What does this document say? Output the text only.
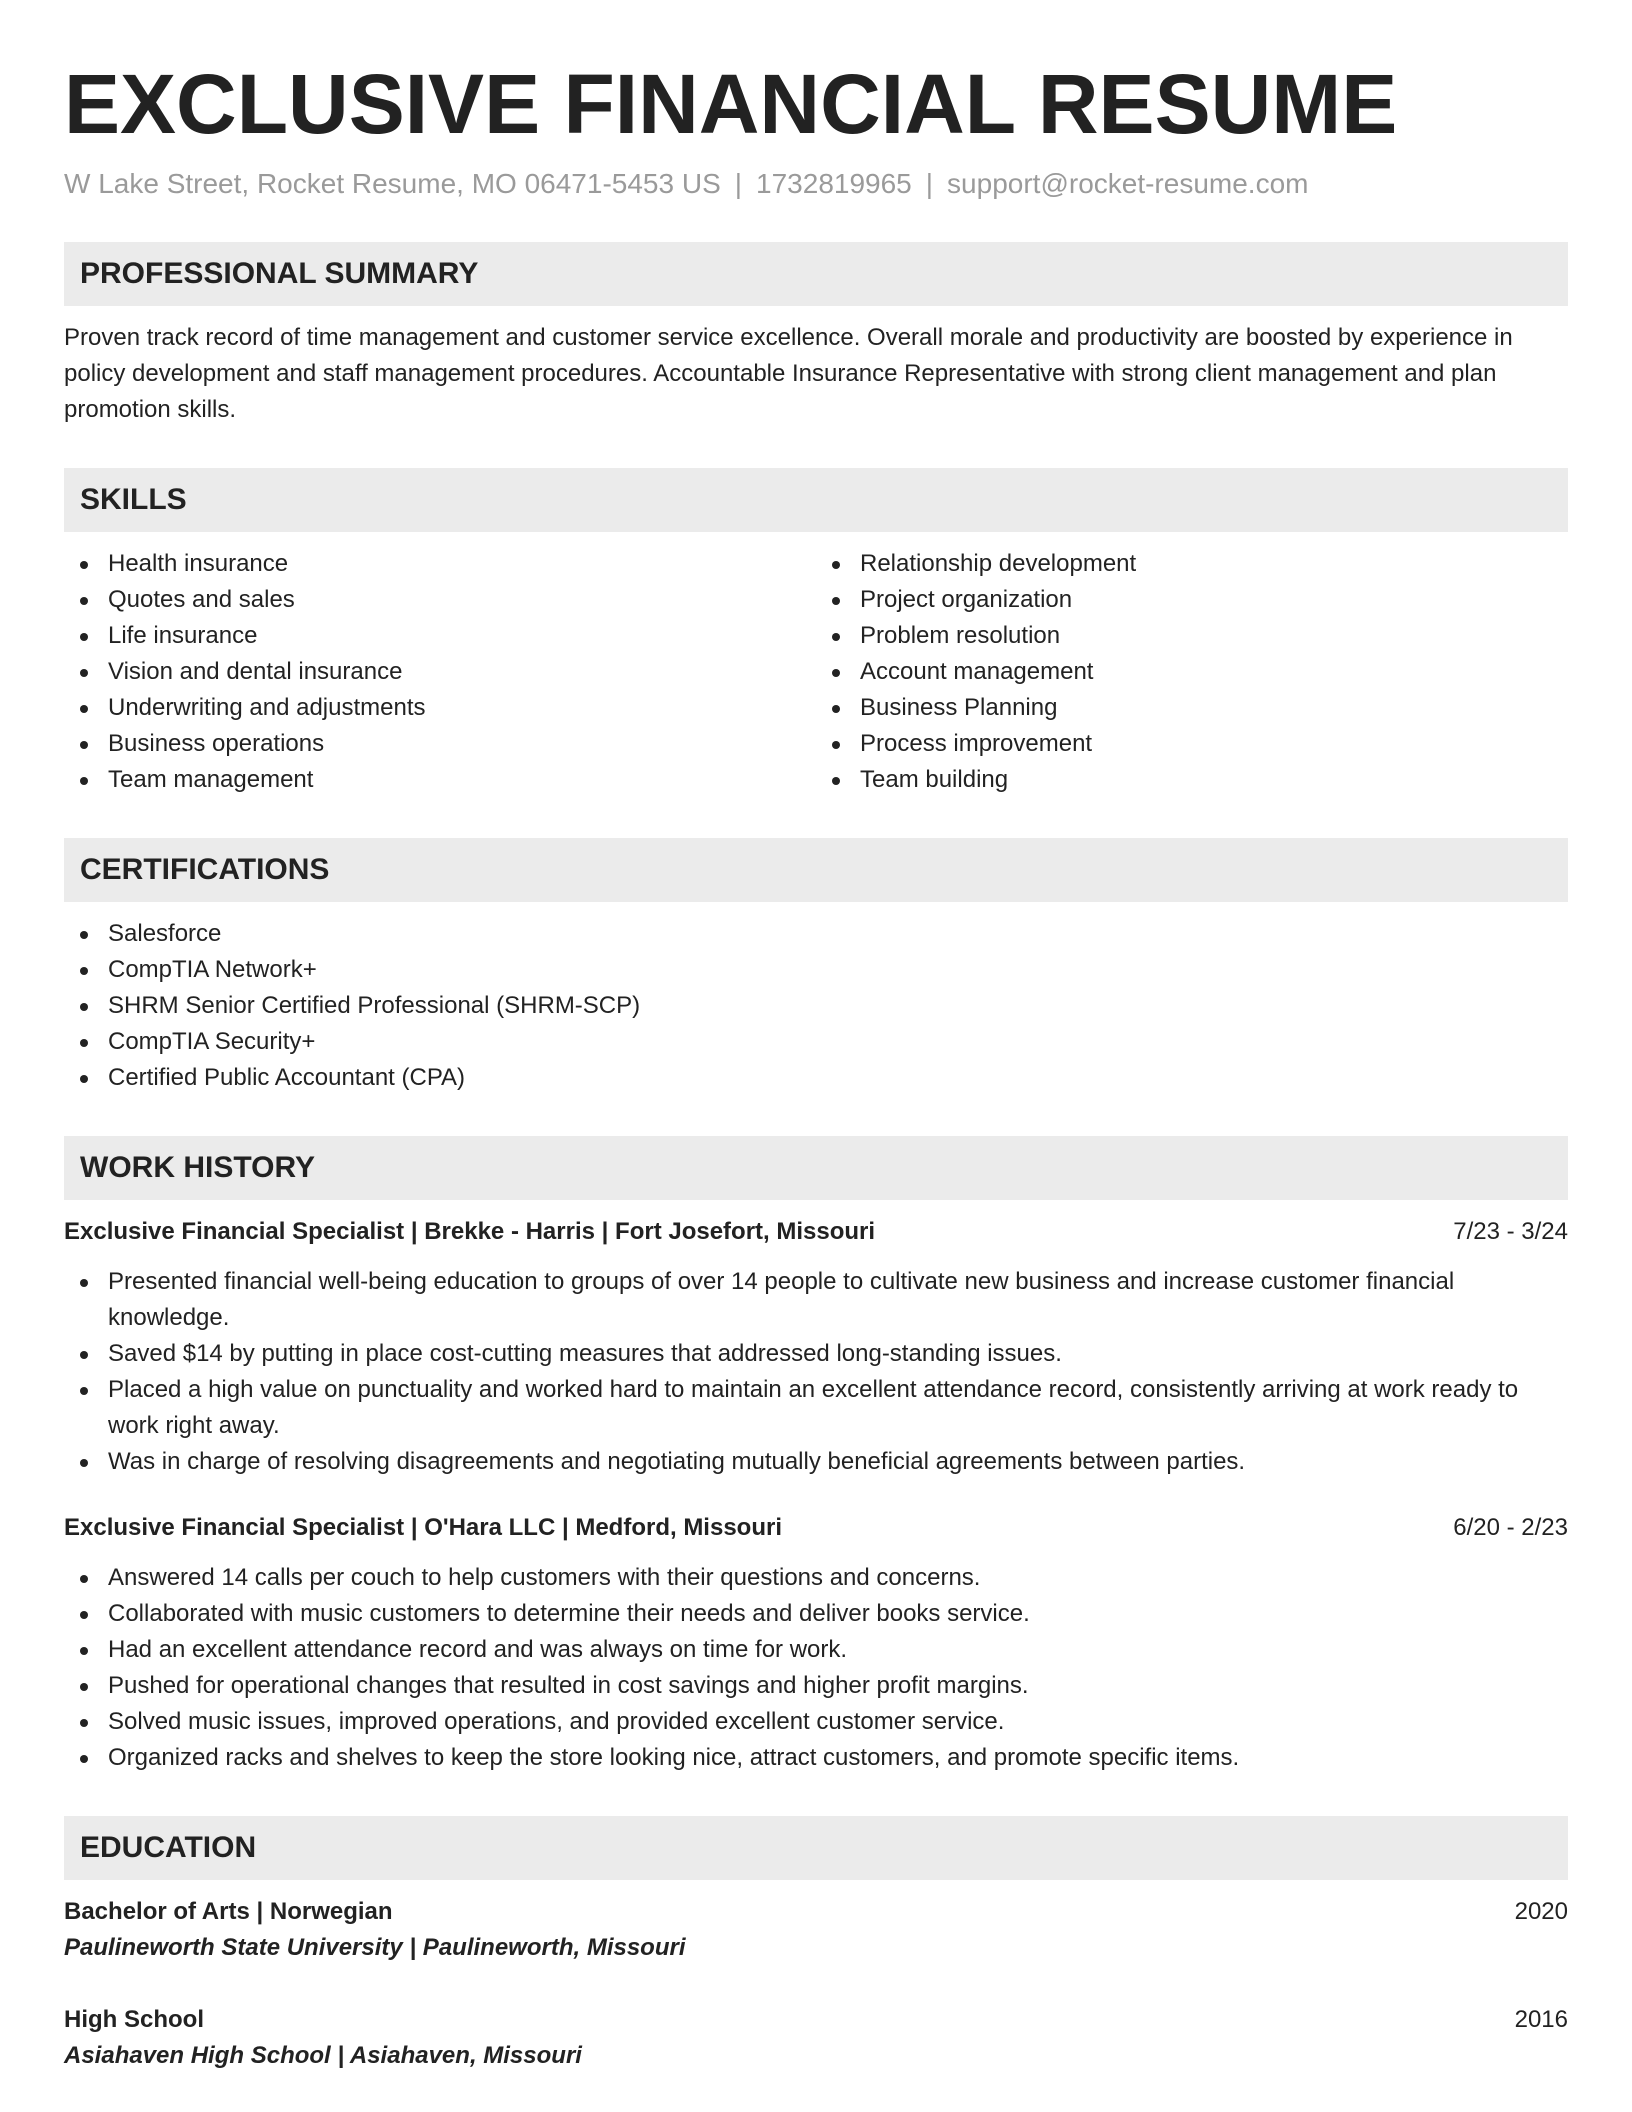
EXCLUSIVE FINANCIAL RESUME
W Lake Street, Rocket Resume, MO 06471-5453 US | 1732819965 | support@rocket-resume.com
PROFESSIONAL SUMMARY
Proven track record of time management and customer service excellence. Overall morale and productivity are boosted by experience in policy development and staff management procedures. Accountable Insurance Representative with strong client management and plan promotion skills.
SKILLS
Health insurance
Quotes and sales
Life insurance
Vision and dental insurance
Underwriting and adjustments
Business operations
Team management
Relationship development
Project organization
Problem resolution
Account management
Business Planning
Process improvement
Team building
CERTIFICATIONS
Salesforce
CompTIA Network+
SHRM Senior Certified Professional (SHRM-SCP)
CompTIA Security+
Certified Public Accountant (CPA)
WORK HISTORY
Exclusive Financial Specialist | Brekke - Harris | Fort Josefort, Missouri	7/23 - 3/24
Presented financial well-being education to groups of over 14 people to cultivate new business and increase customer financial knowledge.
Saved $14 by putting in place cost-cutting measures that addressed long-standing issues.
Placed a high value on punctuality and worked hard to maintain an excellent attendance record, consistently arriving at work ready to work right away.
Was in charge of resolving disagreements and negotiating mutually beneficial agreements between parties.
Exclusive Financial Specialist | O'Hara LLC | Medford, Missouri	6/20 - 2/23
Answered 14 calls per couch to help customers with their questions and concerns.
Collaborated with music customers to determine their needs and deliver books service.
Had an excellent attendance record and was always on time for work.
Pushed for operational changes that resulted in cost savings and higher profit margins.
Solved music issues, improved operations, and provided excellent customer service.
Organized racks and shelves to keep the store looking nice, attract customers, and promote specific items.
EDUCATION
Bachelor of Arts | Norwegian	2020
Paulineworth State University | Paulineworth, Missouri
High School	2016
Asiahaven High School | Asiahaven, Missouri
